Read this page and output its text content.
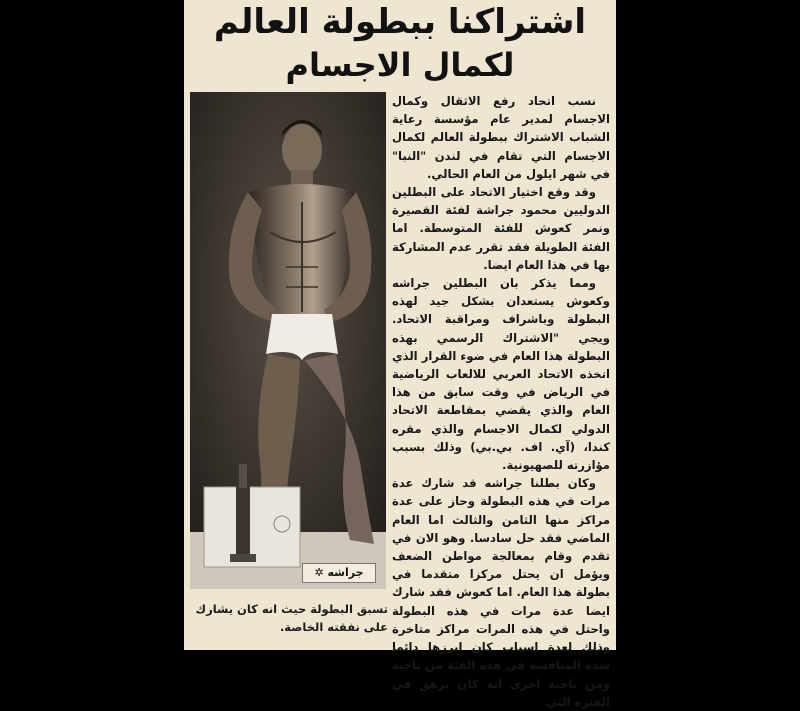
اشتراكنا ببطولة العالم
لكمال الاجسام
جراشه ✲
تسبق البطولة حيث انه كان يشارك على نفقته الخاصة.

نسب اتحاد رفع الاثقال وكمال الاجسام لمدير عام مؤسسة رعاية الشباب الاشتراك ببطولة العالم لكمال الاجسام التي تقام في لندن "النبا" في شهر ايلول من العام الحالي.

وقد وقع اختيار الاتحاد على البطلين الدوليين محمود جراشة لفئة القصيرة ونمر كعوش للفئة المتوسطة. اما الفئة الطويلة فقد تقرر عدم المشاركة بها في هذا العام ايضا.

ومما يذكر بان البطلين جراشه وكعوش يستعدان بشكل جيد لهذه البطولة وباشراف ومراقبة الاتحاد. ويجي "الاشتراك الرسمي بهذه البطولة هذا العام في ضوء القرار الذي اتخذه الاتحاد العربي للالعاب الرياضية في الرياض في وقت سابق من هذا العام والذي يقضي بمقاطعة الاتحاد الدولي لكمال الاجسام والذي مقره كندا، (آي. اف. بي.بي) وذلك بسبب مؤازرته للصهيونية.

وكان بطلنا جراشه قد شارك عدة مرات في هذه البطولة وحاز على عدة مراكز منها الثامن والثالث اما العام الماضي فقد حل سادسا. وهو الان في تقدم وقام بمعالجة مواطن الضعف ويؤمل ان يحتل مركزا متقدما في بطولة هذا العام. اما كعوش فقد شارك ايضا عدة مرات في هذه البطولة واحتل في هذه المرات مراكز متاخرة وذلك لعدة اسباب كان ابرزها دائما شدة المنافسة في هذه الفئة من ناحية ومن ناحية اخرى انه كان يرهق في الفترة التي
